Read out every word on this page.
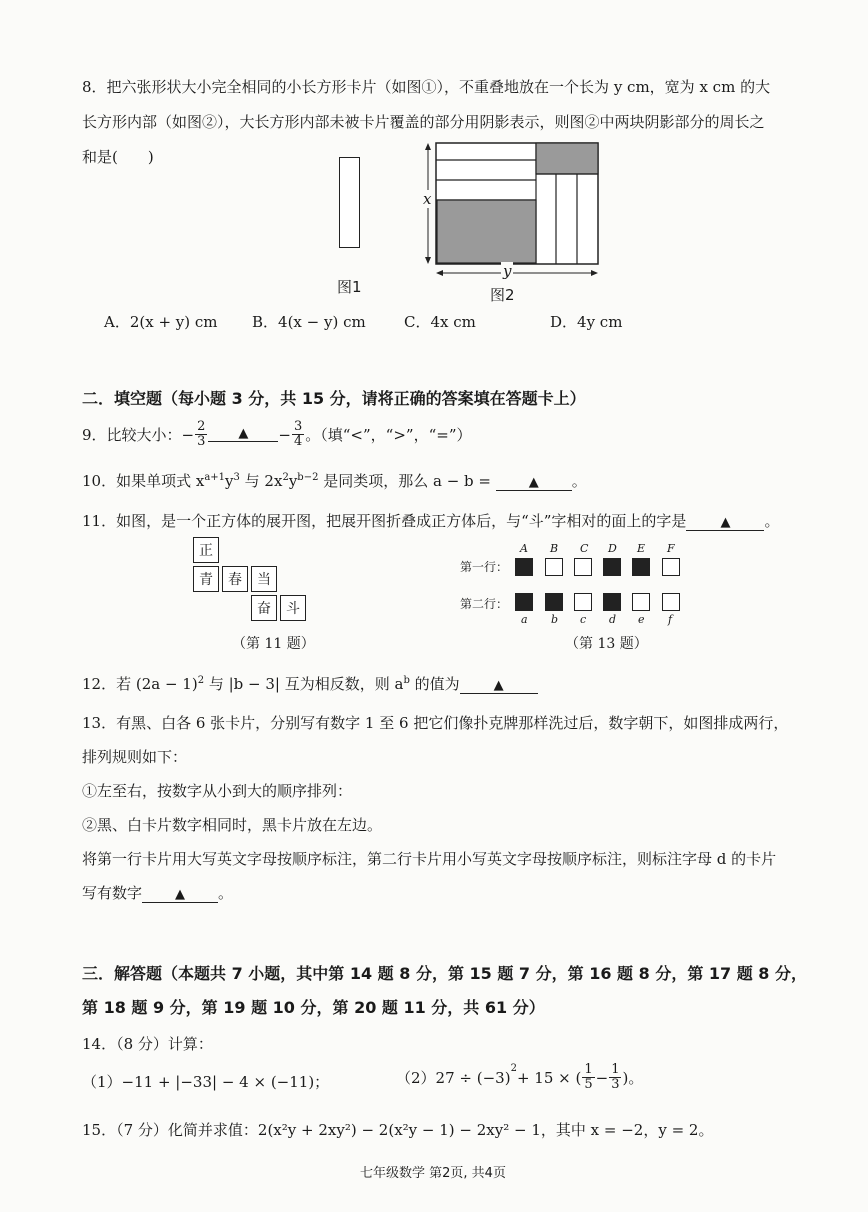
8．把六张形状大小完全相同的小长方形卡片（如图①），不重叠地放在一个长为 y cm，宽为 x cm 的大
长方形内部（如图②），大长方形内部未被卡片覆盖的部分用阴影表示，则图②中两块阴影部分的周长之
和是(　　)
图1
x
y
图2
A．2(x + y) cm B．4(x − y) cm	C．4x cm	D．4y cm
二．填空题（每小题 3 分，共 15 分，请将正确的答案填在答题卡上）
9．比较大小：− $\frac{2}{3}$	▲	− $\frac{3}{4}$ 。（填“<”，“>”，“=”）
10．如果单项式 $x^{a+1}y^3$ 与 $2x^2y^{b-2}$ 是同类项，那么 a − b =	▲ 。
11．如图，是一个正方体的展开图，把展开图折叠成正方体后，与“斗”字相对的面上的字是	▲ 。
正
青	春	当
奋	斗
（第 11 题）
第一行：
第二行：
A B C D E F
a b c d e f
（第 13 题）
12．若 $(2a - 1)^2$ 与 |b − 3| 互为相反数，则 $a^b$ 的值为	▲
13．有黑、白各 6 张卡片，分别写有数字 1 至 6 把它们像扑克牌那样洗过后，数字朝下，如图排成两行，
排列规则如下：
①左至右，按数字从小到大的顺序排列：
②黑、白卡片数字相同时，黑卡片放在左边。
将第一行卡片用大写英文字母按顺序标注，第二行卡片用小写英文字母按顺序标注，则标注字母 d 的卡片
写有数字	▲ 。
三．解答题（本题共 7 小题，其中第 14 题 8 分，第 15 题 7 分，第 16 题 8 分，第 17 题 8 分，
第 18 题 9 分，第 19 题 10 分，第 20 题 11 分，共 61 分）
14．（8 分）计算：
（1）−11 + |−33| − 4 × (−11)；	（2）27 ÷ (−3)
$^2$ + 15 × ( $\frac{1}{5} - \frac{1}{3}$ )。
15．（7 分）化简并求值：2(x²y + 2xy²) − 2(x²y − 1) − 2xy² − 1，其中 x = −2，y = 2。
七年级数学 第2页, 共4页
